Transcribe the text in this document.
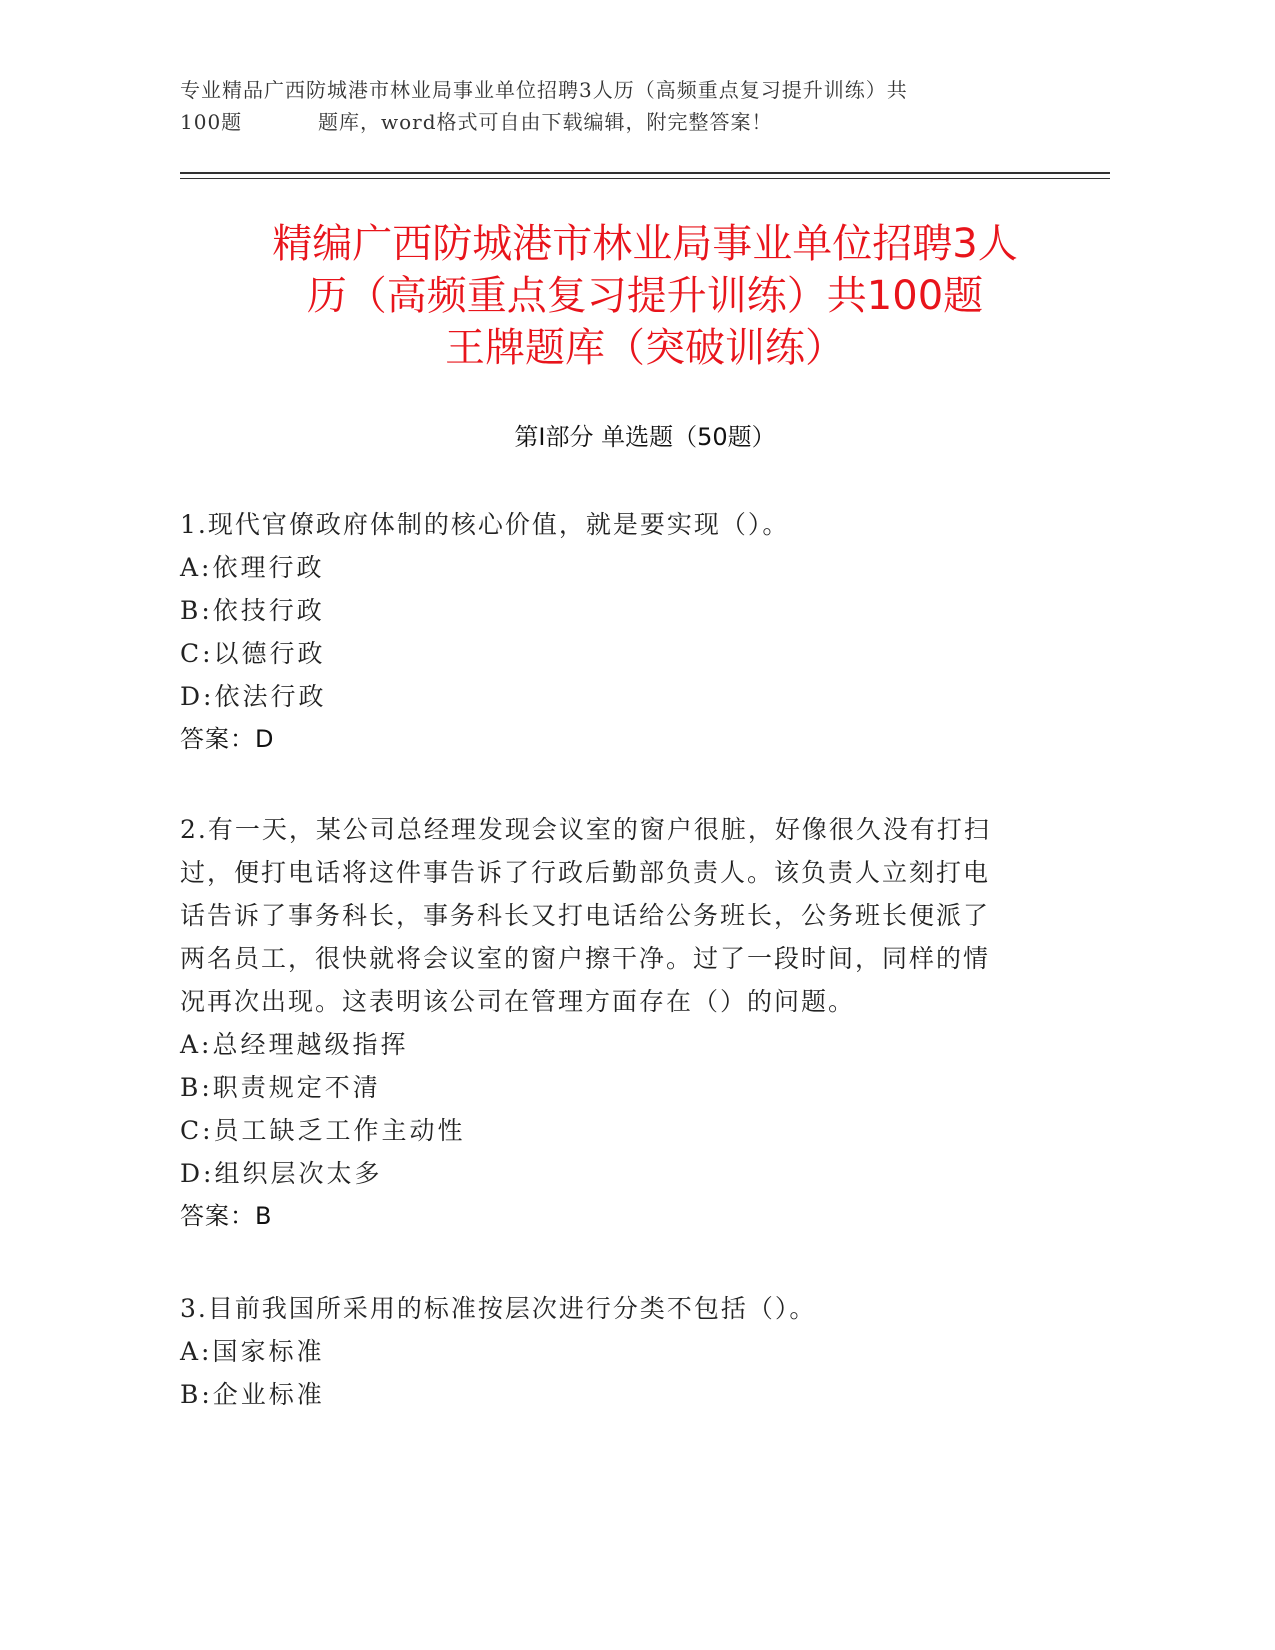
专业精品广西防城港市林业局事业单位招聘3人历（高频重点复习提升训练）共
100题	题库，word格式可自由下载编辑，附完整答案！
精编广西防城港市林业局事业单位招聘3人
历（高频重点复习提升训练）共100题
王牌题库（突破训练）
第Ⅰ部分 单选题（50题）

1.现代官僚政府体制的核心价值，就是要实现（）。

A:依理行政

B:依技行政

C:以德行政

D:依法行政

答案：D

2.有一天，某公司总经理发现会议室的窗户很脏，好像很久没有打扫过，便打电话将这件事告诉了行政后勤部负责人。该负责人立刻打电话告诉了事务科长，事务科长又打电话给公务班长，公务班长便派了两名员工，很快就将会议室的窗户擦干净。过了一段时间，同样的情况再次出现。这表明该公司在管理方面存在（）的问题。

A:总经理越级指挥

B:职责规定不清

C:员工缺乏工作主动性

D:组织层次太多

答案：B

3.目前我国所采用的标准按层次进行分类不包括（）。

A:国家标准

B:企业标准
